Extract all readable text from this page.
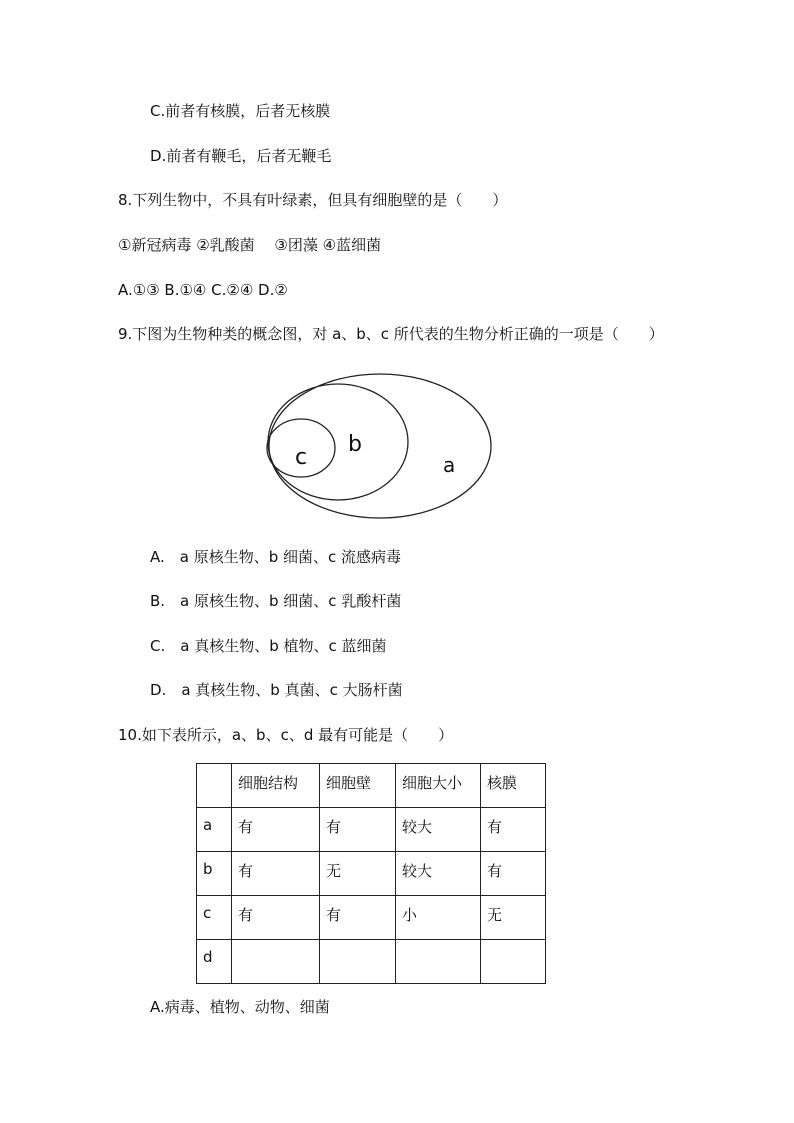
C.前者有核膜，后者无核膜
D.前者有鞭毛，后者无鞭毛
8.下列生物中，不具有叶绿素，但具有细胞壁的是（　　）
①新冠病毒 ②乳酸菌　 ③团藻 ④蓝细菌
A.①③ B.①④ C.②④ D.②
9.下图为生物种类的概念图，对 a、b、c 所代表的生物分析正确的一项是（　　）
c
b
a
A.　a 原核生物、b 细菌、c 流感病毒
B.　a 原核生物、b 细菌、c 乳酸杆菌
C.　a 真核生物、b 植物、c 蓝细菌
D.　a 真核生物、b 真菌、c 大肠杆菌
10.如下表所示，a、b、c、d 最有可能是（　　）
	细胞结构	细胞壁	细胞大小	核膜
a	有	有	较大	有
b	有	无	较大	有
c	有	有	小	无
d				
A.病毒、植物、动物、细菌
